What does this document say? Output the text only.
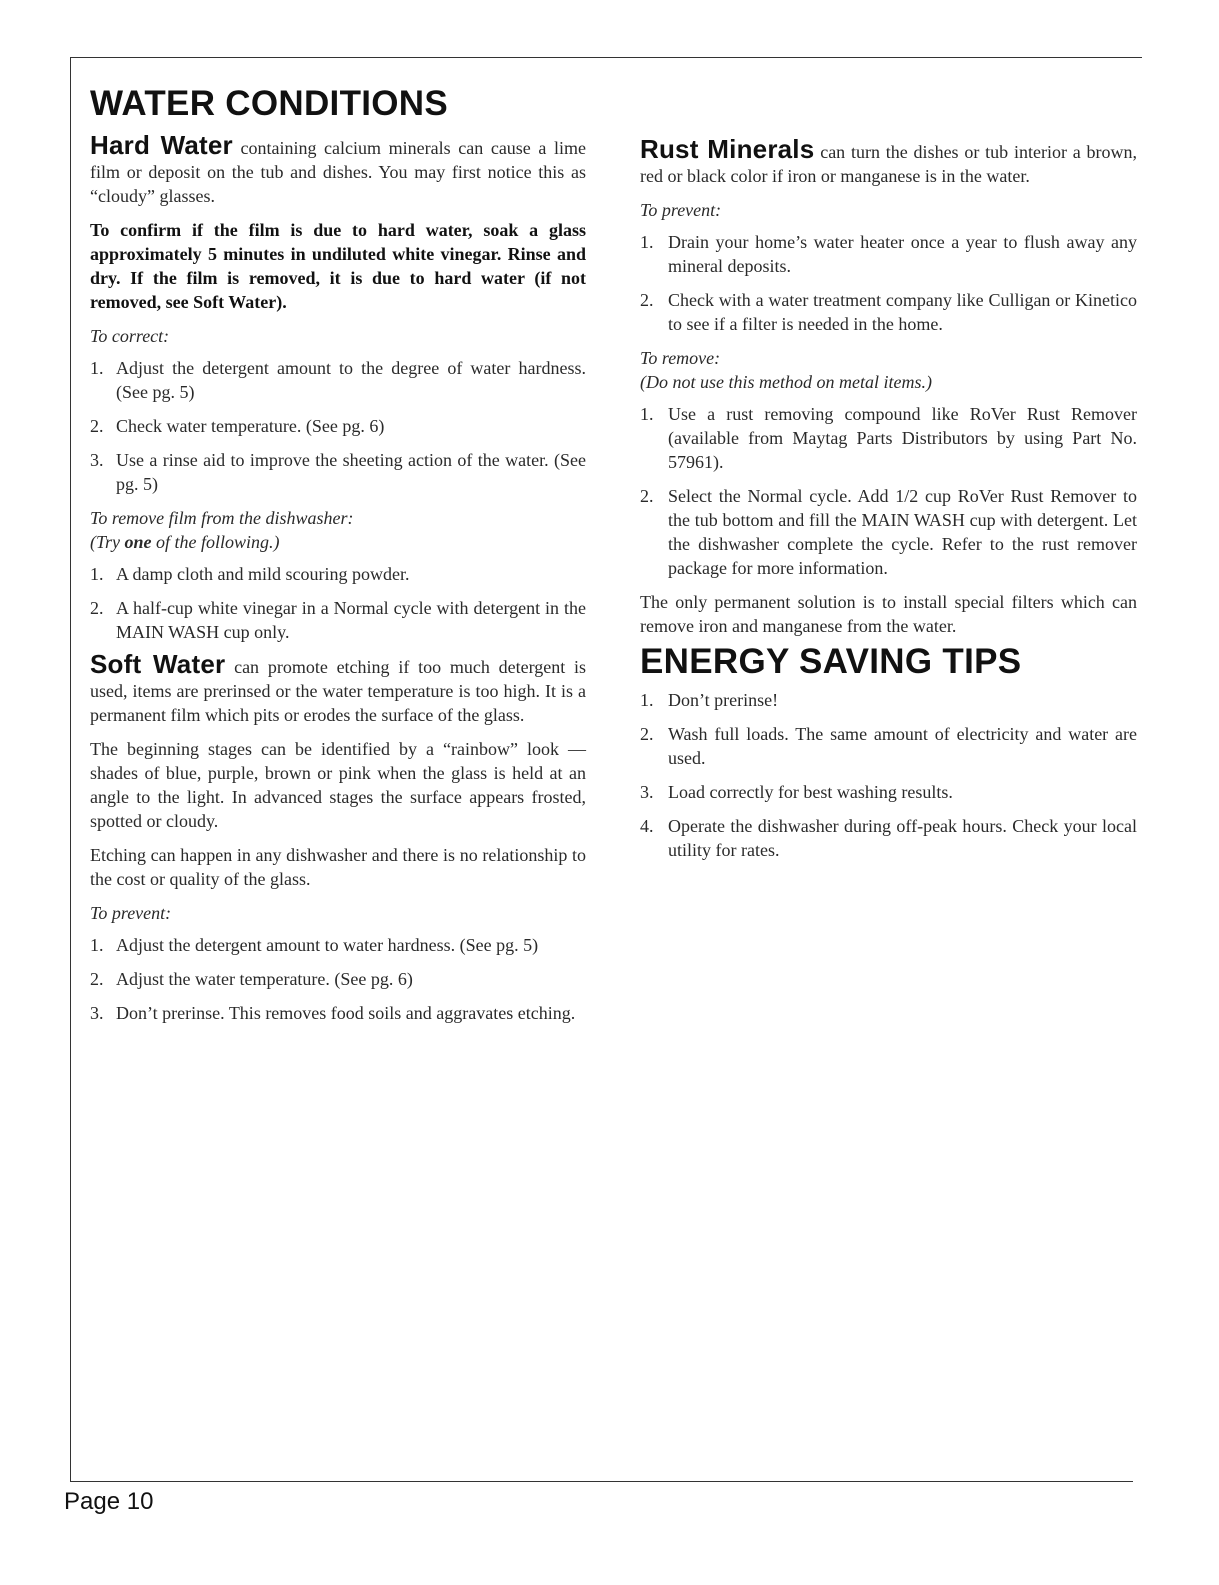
WATER CONDITIONS

Hard Water containing calcium minerals can cause a lime film or deposit on the tub and dishes. You may first notice this as “cloudy” glasses.

To confirm if the film is due to hard water, soak a glass approximately 5 minutes in undiluted white vinegar. Rinse and dry. If the film is removed, it is due to hard water (if not removed, see Soft Water).

To correct:

1. Adjust the detergent amount to the degree of water hardness. (See pg. 5)
2. Check water temperature. (See pg. 6)
3. Use a rinse aid to improve the sheeting action of the water. (See pg. 5)

To remove film from the dishwasher:

(Try one of the following.)

1. A damp cloth and mild scouring powder.
2. A half-cup white vinegar in a Normal cycle with detergent in the MAIN WASH cup only.

Soft Water can promote etching if too much detergent is used, items are prerinsed or the water temperature is too high. It is a permanent film which pits or erodes the surface of the glass.

The beginning stages can be identified by a “rainbow” look — shades of blue, purple, brown or pink when the glass is held at an angle to the light. In advanced stages the surface appears frosted, spotted or cloudy.

Etching can happen in any dishwasher and there is no relationship to the cost or quality of the glass.

To prevent:

1. Adjust the detergent amount to water hardness. (See pg. 5)
2. Adjust the water temperature. (See pg. 6)
3. Don’t prerinse. This removes food soils and aggravates etching.

Rust Minerals can turn the dishes or tub interior a brown, red or black color if iron or manganese is in the water.

To prevent:

1. Drain your home’s water heater once a year to flush away any mineral deposits.
2. Check with a water treatment company like Culligan or Kinetico to see if a filter is needed in the home.

To remove:

(Do not use this method on metal items.)

1. Use a rust removing compound like RoVer Rust Remover (available from Maytag Parts Distributors by using Part No. 57961).
2. Select the Normal cycle. Add 1/2 cup RoVer Rust Remover to the tub bottom and fill the MAIN WASH cup with detergent. Let the dishwasher complete the cycle. Refer to the rust remover package for more information.

The only permanent solution is to install special filters which can remove iron and manganese from the water.

ENERGY SAVING TIPS
1. Don’t prerinse!
2. Wash full loads. The same amount of electricity and water are used.
3. Load correctly for best washing results.
4. Operate the dishwasher during off-peak hours. Check your local utility for rates.
Page 10
